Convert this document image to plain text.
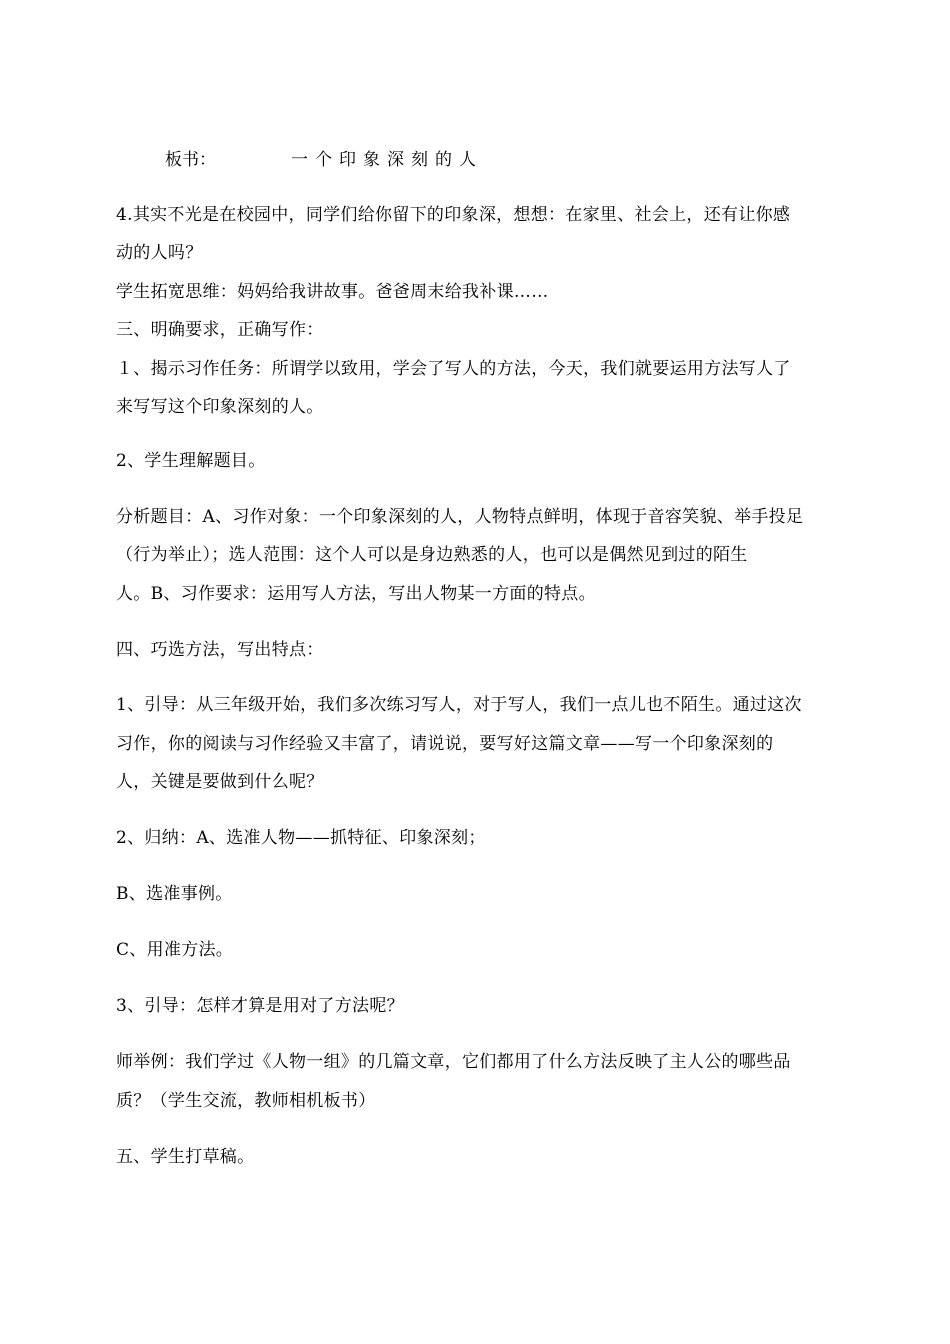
板书：	一个印象深刻的人
4.其实不光是在校园中，同学们给你留下的印象深，想想：在家里、社会上，还有让你感
动的人吗？
学生拓宽思维：妈妈给我讲故事。爸爸周末给我补课……
三、明确要求，正确写作：
１、揭示习作任务：所谓学以致用，学会了写人的方法，今天，我们就要运用方法写人了
来写写这个印象深刻的人。
2、学生理解题目。
分析题目：A、习作对象：一个印象深刻的人，人物特点鲜明，体现于音容笑貌、举手投足
（行为举止）；选人范围：这个人可以是身边熟悉的人，也可以是偶然见到过的陌生
人。B、习作要求：运用写人方法，写出人物某一方面的特点。
四、巧选方法，写出特点：
1、引导：从三年级开始，我们多次练习写人，对于写人，我们一点儿也不陌生。通过这次
习作，你的阅读与习作经验又丰富了，请说说，要写好这篇文章——写一个印象深刻的
人，关键是要做到什么呢？
2、归纳：A、选准人物——抓特征、印象深刻；
B、选准事例。
C、用准方法。
3、引导：怎样才算是用对了方法呢？
师举例：我们学过《人物一组》的几篇文章，它们都用了什么方法反映了主人公的哪些品
质？（学生交流，教师相机板书）
五、学生打草稿。
